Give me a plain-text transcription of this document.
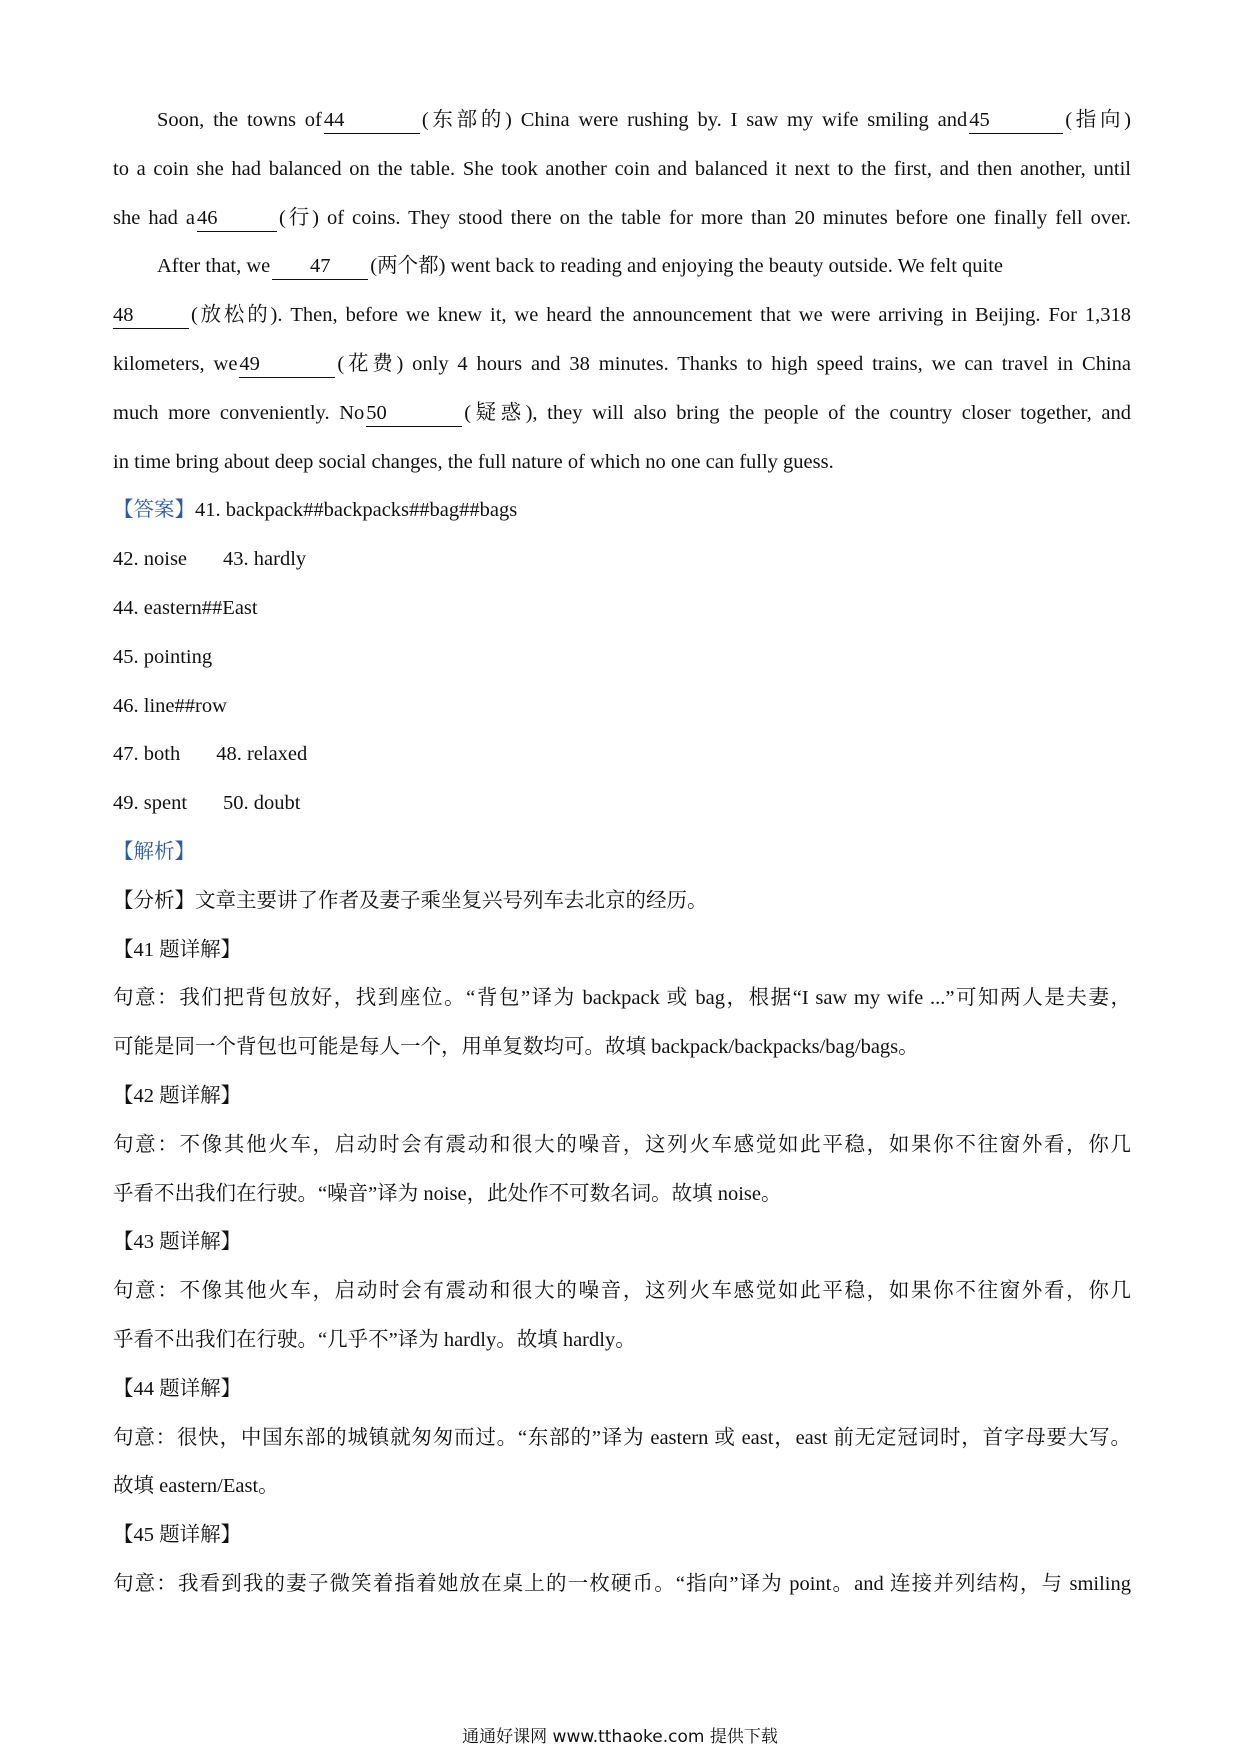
Soon, the towns of44	(东部的) China were rushing by. I saw my wife smiling and45	(指向)
to a coin she had balanced on the table. She took another coin and balanced it next to the first, and then another, until
she had a46	(行) of coins. They stood there on the table for more than 20 minutes before one finally fell over.
After that, we 47 (两个都) went back to reading and enjoying the beauty outside. We felt quite
48	(放松的). Then, before we knew it, we heard the announcement that we were arriving in Beijing. For 1,318
kilometers, we49	(花费) only 4 hours and 38 minutes. Thanks to high speed trains, we can travel in China
much more conveniently. No50	(疑惑), they will also bring the people of the country closer together, and
in time bring about deep social changes, the full nature of which no one can fully guess.
【答案】41. backpack##backpacks##bag##bags
42. noise 43. hardly
44. eastern##East
45. pointing
46. line##row
47. both 48. relaxed
49. spent 50. doubt
【解析】
【分析】文章主要讲了作者及妻子乘坐复兴号列车去北京的经历。
【41 题详解】
句意：我们把背包放好，找到座位。“背包”译为 backpack 或 bag，根据“I saw my wife ...”可知两人是夫妻，
可能是同一个背包也可能是每人一个，用单复数均可。故填 backpack/backpacks/bag/bags。
【42 题详解】
句意：不像其他火车，启动时会有震动和很大的噪音，这列火车感觉如此平稳，如果你不往窗外看，你几
乎看不出我们在行驶。“噪音”译为 noise，此处作不可数名词。故填 noise。
【43 题详解】
句意：不像其他火车，启动时会有震动和很大的噪音，这列火车感觉如此平稳，如果你不往窗外看，你几
乎看不出我们在行驶。“几乎不”译为 hardly。故填 hardly。
【44 题详解】
句意：很快，中国东部的城镇就匆匆而过。“东部的”译为 eastern 或 east，east 前无定冠词时，首字母要大写。
故填 eastern/East。
【45 题详解】
句意：我看到我的妻子微笑着指着她放在桌上的一枚硬币。“指向”译为 point。and 连接并列结构，与 smiling
通通好课网 www.tthaoke.com 提供下载
